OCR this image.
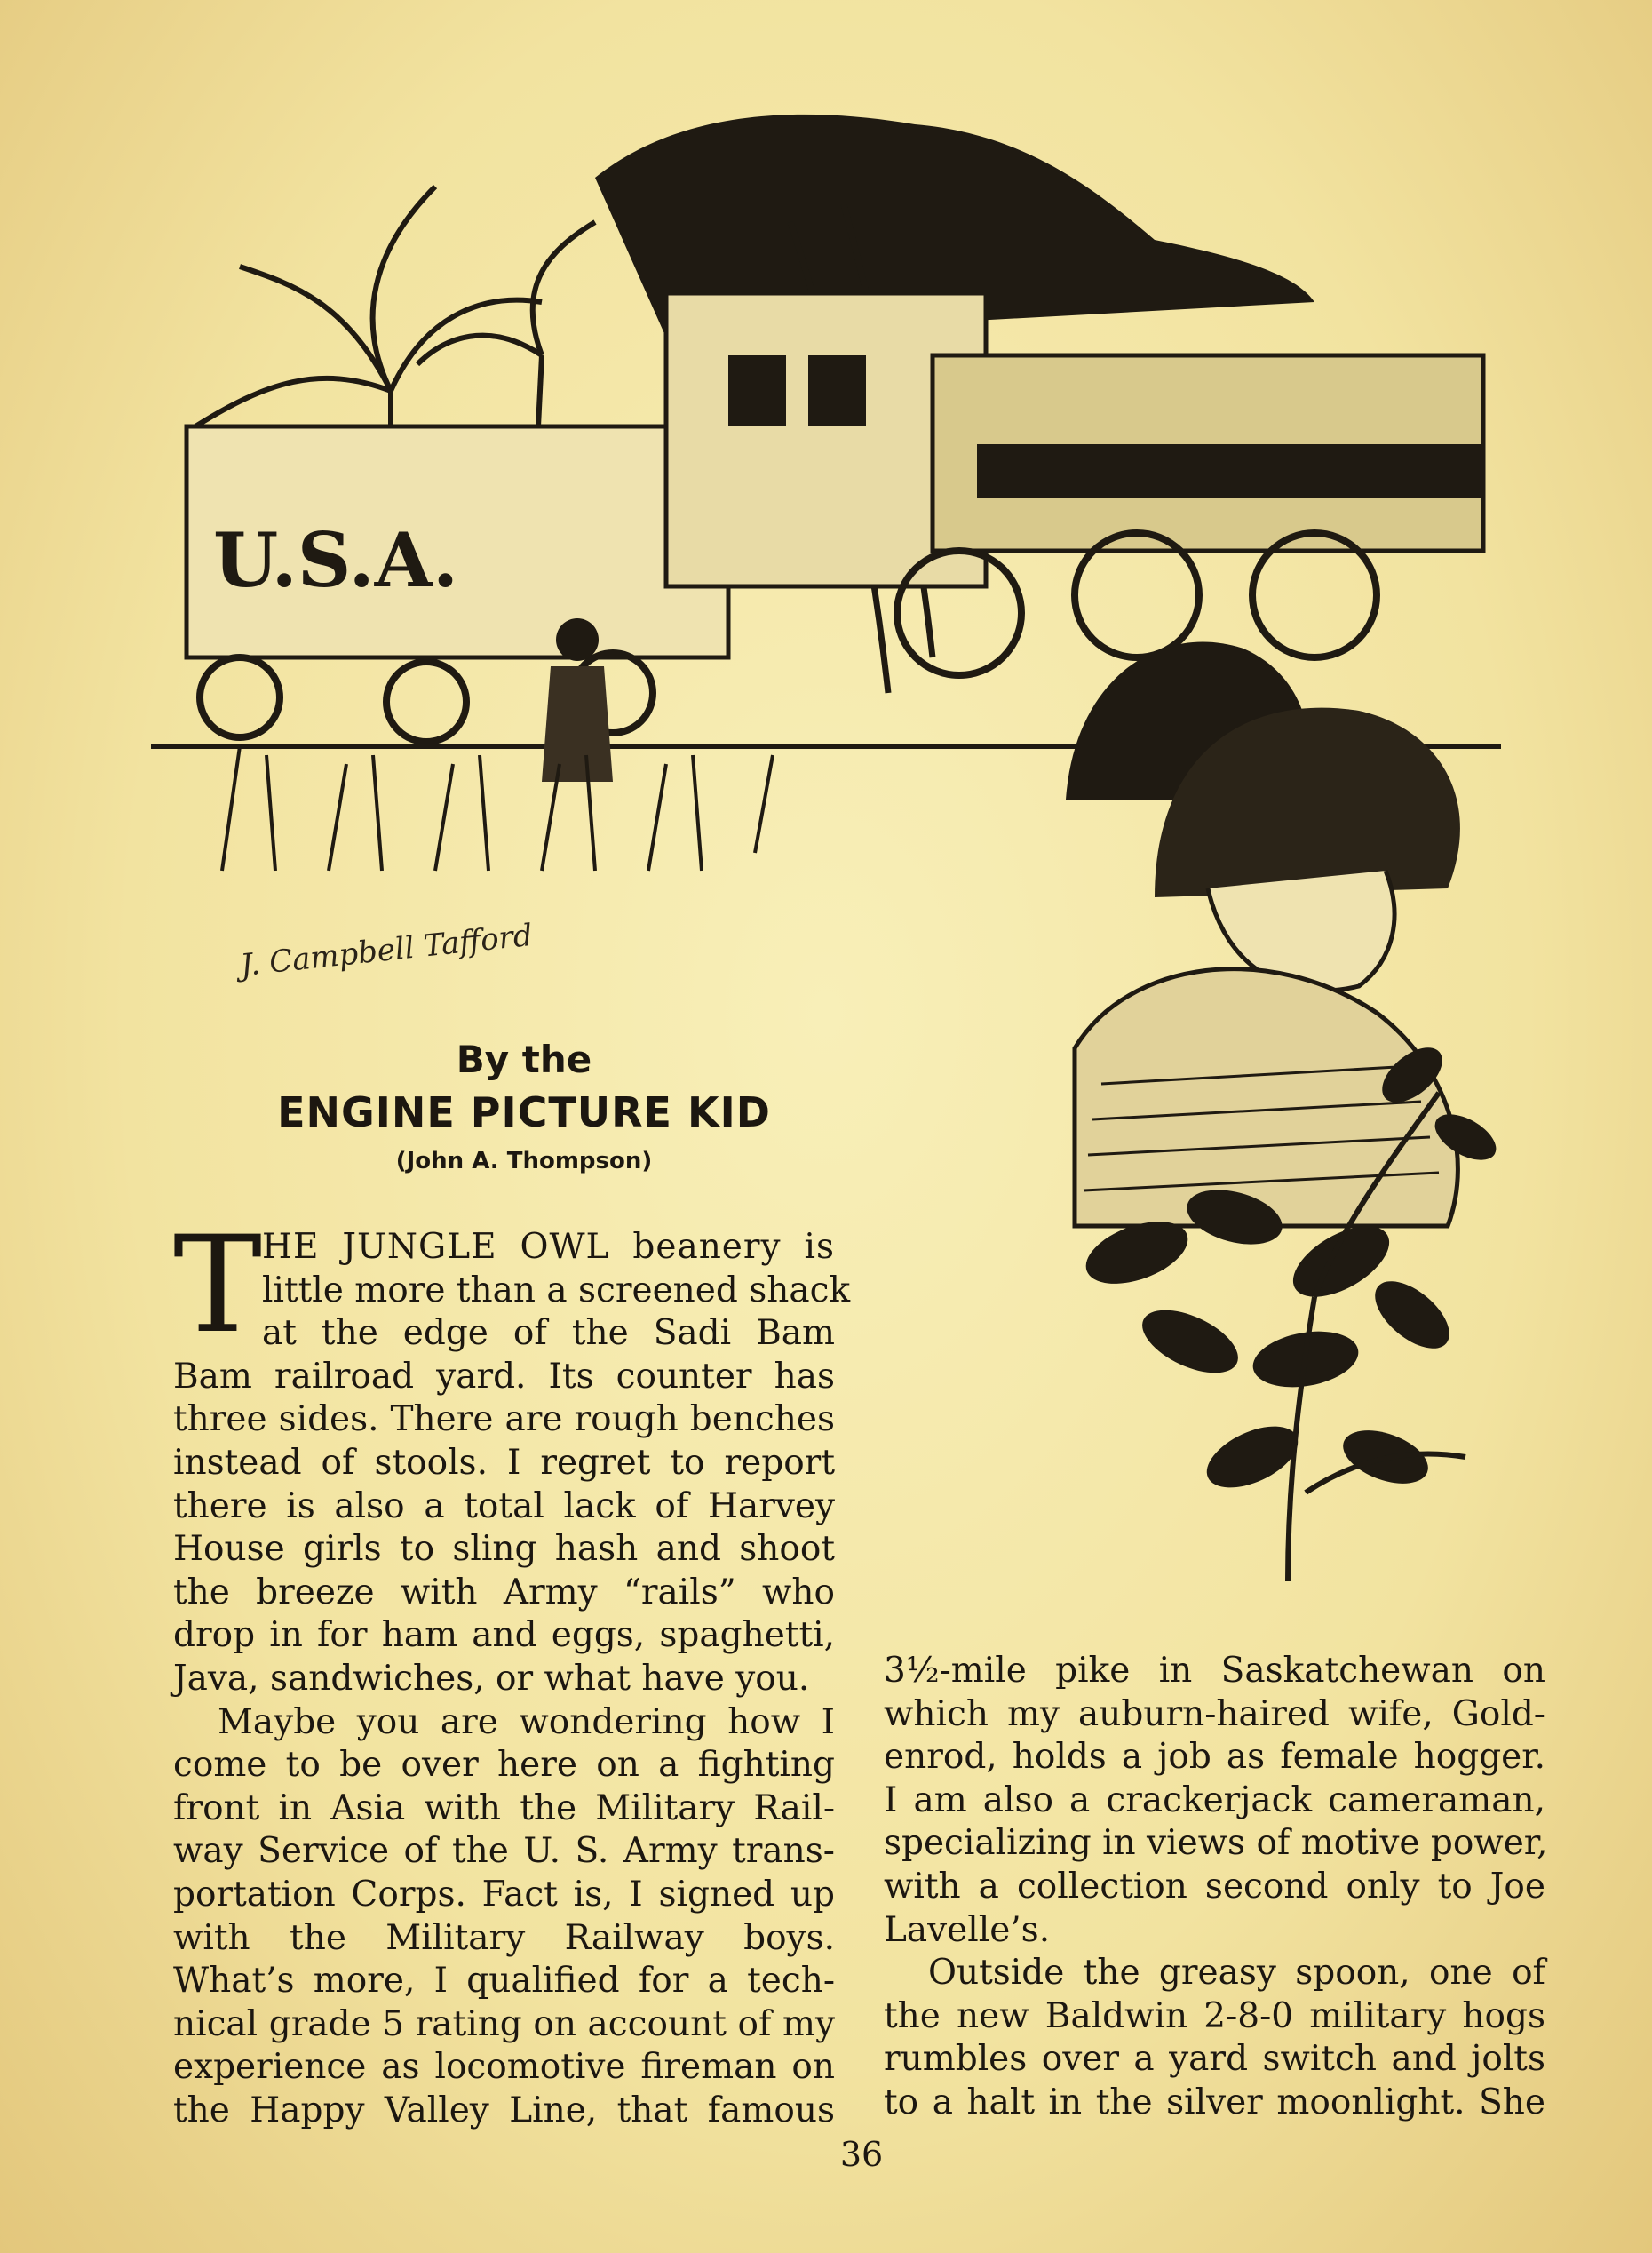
U.S.A.
J. Campbell Tafford
By the
ENGINE PICTURE KID
(John A. Thompson)
T HE JUNGLE OWL beanery is
little more than a screened shack
at the edge of the Sadi Bam
Bam railroad yard. Its counter has
three sides. There are rough benches
instead of stools. I regret to report
there is also a total lack of Harvey
House girls to sling hash and shoot
the breeze with Army “rails” who
drop in for ham and eggs, spaghetti,
Java, sandwiches, or what have you.
Maybe you are wondering how I
come to be over here on a fighting
front in Asia with the Military Rail-
way Service of the U. S. Army trans-
portation Corps. Fact is, I signed up
with the Military Railway boys.
What’s more, I qualified for a tech-
nical grade 5 rating on account of my
experience as locomotive fireman on
the Happy Valley Line, that famous
3½-mile pike in Saskatchewan on
which my auburn-haired wife, Gold-
enrod, holds a job as female hogger.
I am also a crackerjack cameraman,
specializing in views of motive power,
with a collection second only to Joe
Lavelle’s.
Outside the greasy spoon, one of
the new Baldwin 2-8-0 military hogs
rumbles over a yard switch and jolts
to a halt in the silver moonlight. She
36
